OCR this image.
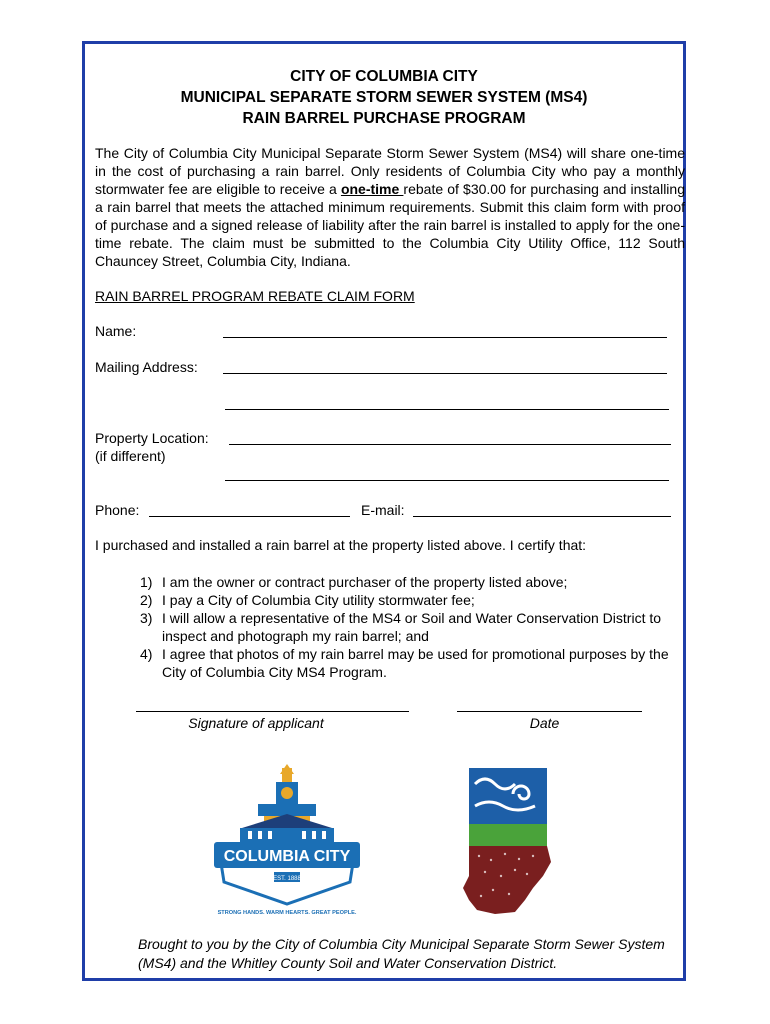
CITY OF COLUMBIA CITY
MUNICIPAL SEPARATE STORM SEWER SYSTEM (MS4)
RAIN BARREL PURCHASE PROGRAM
The City of Columbia City Municipal Separate Storm Sewer System (MS4) will share one-time in the cost of purchasing a rain barrel. Only residents of Columbia City who pay a monthly stormwater fee are eligible to receive a one-time rebate of $30.00 for purchasing and installing a rain barrel that meets the attached minimum requirements. Submit this claim form with proof of purchase and a signed release of liability after the rain barrel is installed to apply for the one-time rebate. The claim must be submitted to the Columbia City Utility Office, 112 South Chauncey Street, Columbia City, Indiana.
RAIN BARREL PROGRAM REBATE CLAIM FORM
Name:
Mailing Address:
Property Location:
(if different)
Phone:	E-mail:
I purchased and installed a rain barrel at the property listed above. I certify that:
1) I am the owner or contract purchaser of the property listed above;
2) I pay a City of Columbia City utility stormwater fee;
3) I will allow a representative of the MS4 or Soil and Water Conservation District to inspect and photograph my rain barrel; and
4) I agree that photos of my rain barrel may be used for promotional purposes by the City of Columbia City MS4 Program.
Signature of applicant	Date
COLUMBIA CITY
EST. 1888
STRONG HANDS. WARM HEARTS. GREAT PEOPLE.
Brought to you by the City of Columbia City Municipal Separate Storm Sewer System (MS4) and the Whitley County Soil and Water Conservation District.
